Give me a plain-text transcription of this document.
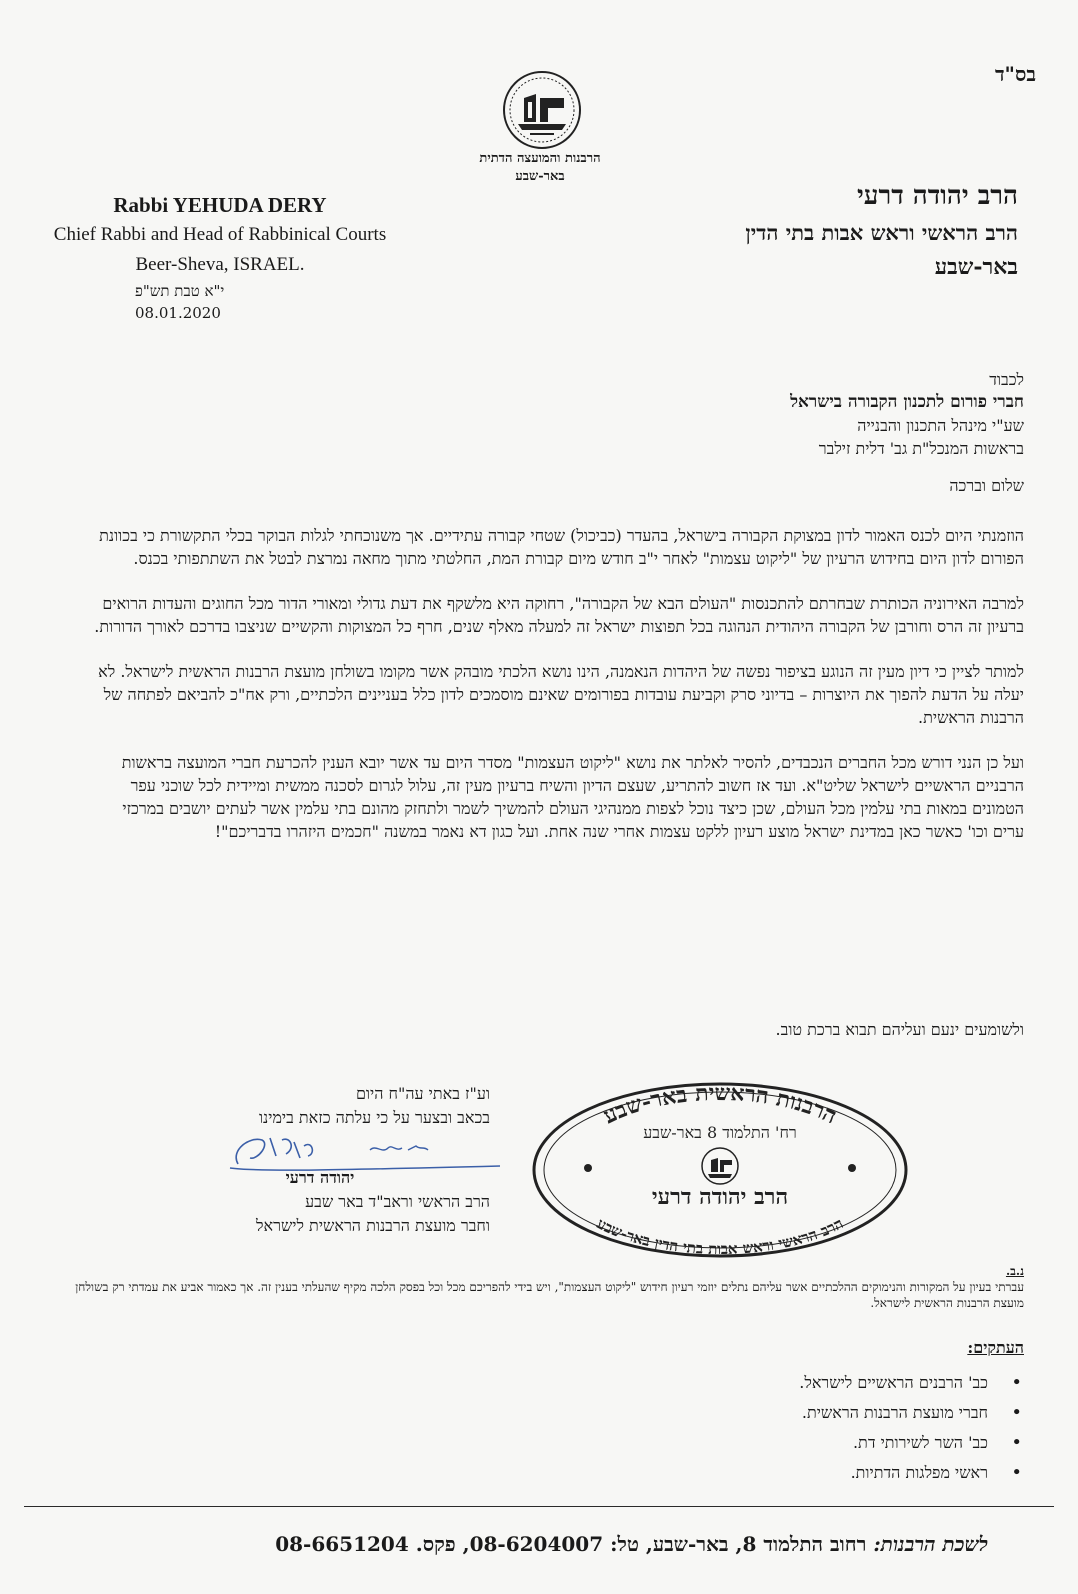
בס"ד
הרבנות והמועצה הדתית
באר-שבע
Rabbi YEHUDA DERY
Chief Rabbi and Head of Rabbinical Courts
Beer-Sheva, ISRAEL.
י"א טבת תש"פ
08.01.2020
הרב יהודה דרעי
הרב הראשי וראש אבות בתי הדין
באר-שבע
לכבוד
חברי פורום לתכנון הקבורה בישראל
שע"י מינהל התכנון והבנייה
בראשות המנכל"ת גב' דלית זילבר
שלום וברכה

הוזמנתי היום לכנס האמור לדון במצוקת הקבורה בישראל, בהעדר (כביכול) שטחי קבורה עתידיים. אך משנוכחתי לגלות הבוקר בכלי התקשורת כי בכוונת הפורום לדון היום בחידוש הרעיון של "ליקוט עצמות" לאחר י"ב חודש מיום קבורת המת, החלטתי מתוך מחאה נמרצת לבטל את השתתפותי בכנס.

למרבה האירוניה הכותרת שבחרתם להתכנסות "העולם הבא של הקבורה", רחוקה היא מלשקף את דעת גדולי ומאורי הדור מכל החוגים והעדות הרואים ברעיון זה הרס וחורבן של הקבורה היהודית הנהוגה בכל תפוצות ישראל זה למעלה מאלף שנים, חרף כל המצוקות והקשיים שניצבו בדרכם לאורך הדורות.

למותר לציין כי דיון מעין זה הנוגע בציפור נפשה של היהדות הנאמנה, הינו נושא הלכתי מובהק אשר מקומו בשולחן מועצת הרבנות הראשית לישראל. לא יעלה על הדעת להפוך את היוצרות – בדיוני סרק וקביעת עובדות בפורומים שאינם מוסמכים לדון כלל בעניינים הלכתיים, ורק אח"כ להביאם לפתחה של הרבנות הראשית.

ועל כן הנני דורש מכל החברים הנכבדים, להסיר לאלתר את נושא "ליקוט העצמות" מסדר היום עד אשר יובא הענין להכרעת חברי המועצה בראשות הרבניים הראשיים לישראל שליט"א. ועד אז חשוב להתריע, שעצם הדיון והשיח ברעיון מעין זה, עלול לגרום לסכנה ממשית ומיידית לכל שוכני עפר הטמונים במאות בתי עלמין מכל העולם, שכן כיצד נוכל לצפות ממנהיגי העולם להמשיך לשמר ולתחזק מהונם בתי עלמין אשר לעתים יושבים במרכזי ערים וכו' כאשר כאן במדינת ישראל מוצע רעיון ללקט עצמות אחרי שנה אחת. ועל כגון דא נאמר במשנה "חכמים היזהרו בדבריכם"!

ולשומעים ינעם ועליהם תבוא ברכת טוב.
וע"ז באתי עה"ח היום
בכאב ובצער על כי עלתה כזאת בימינו
יהודה דרעי
הרב הראשי וראב"ד באר שבע
וחבר מועצת הרבנות הראשית לישראל
הרבנות הראשית באר-שבע
רח' התלמוד 8 באר-שבע
הרב יהודה דרעי
הרב הראשי וראש אבות בתי הדין באר-שבע
נ.ב.
עברתי בעיון על המקורות והנימוקים ההלכתיים אשר עליהם נתלים יוזמי רעיון חידוש "ליקוט העצמות", ויש בידי להפריכם מכל וכל בפסק הלכה מקיף שהעלתי בענין זה. אך כאמור אביע את עמדתי רק בשולחן מועצת הרבנות הראשית לישראל.
העתקים:
• כב' הרבנים הראשיים לישראל.
• חברי מועצת הרבנות הראשית.
• כב' השר לשירותי דת.
• ראשי מפלגות הדתיות.
לשכת הרבנות: רחוב התלמוד 8, באר-שבע, טל: 08-6204007, פקס. 08-6651204
